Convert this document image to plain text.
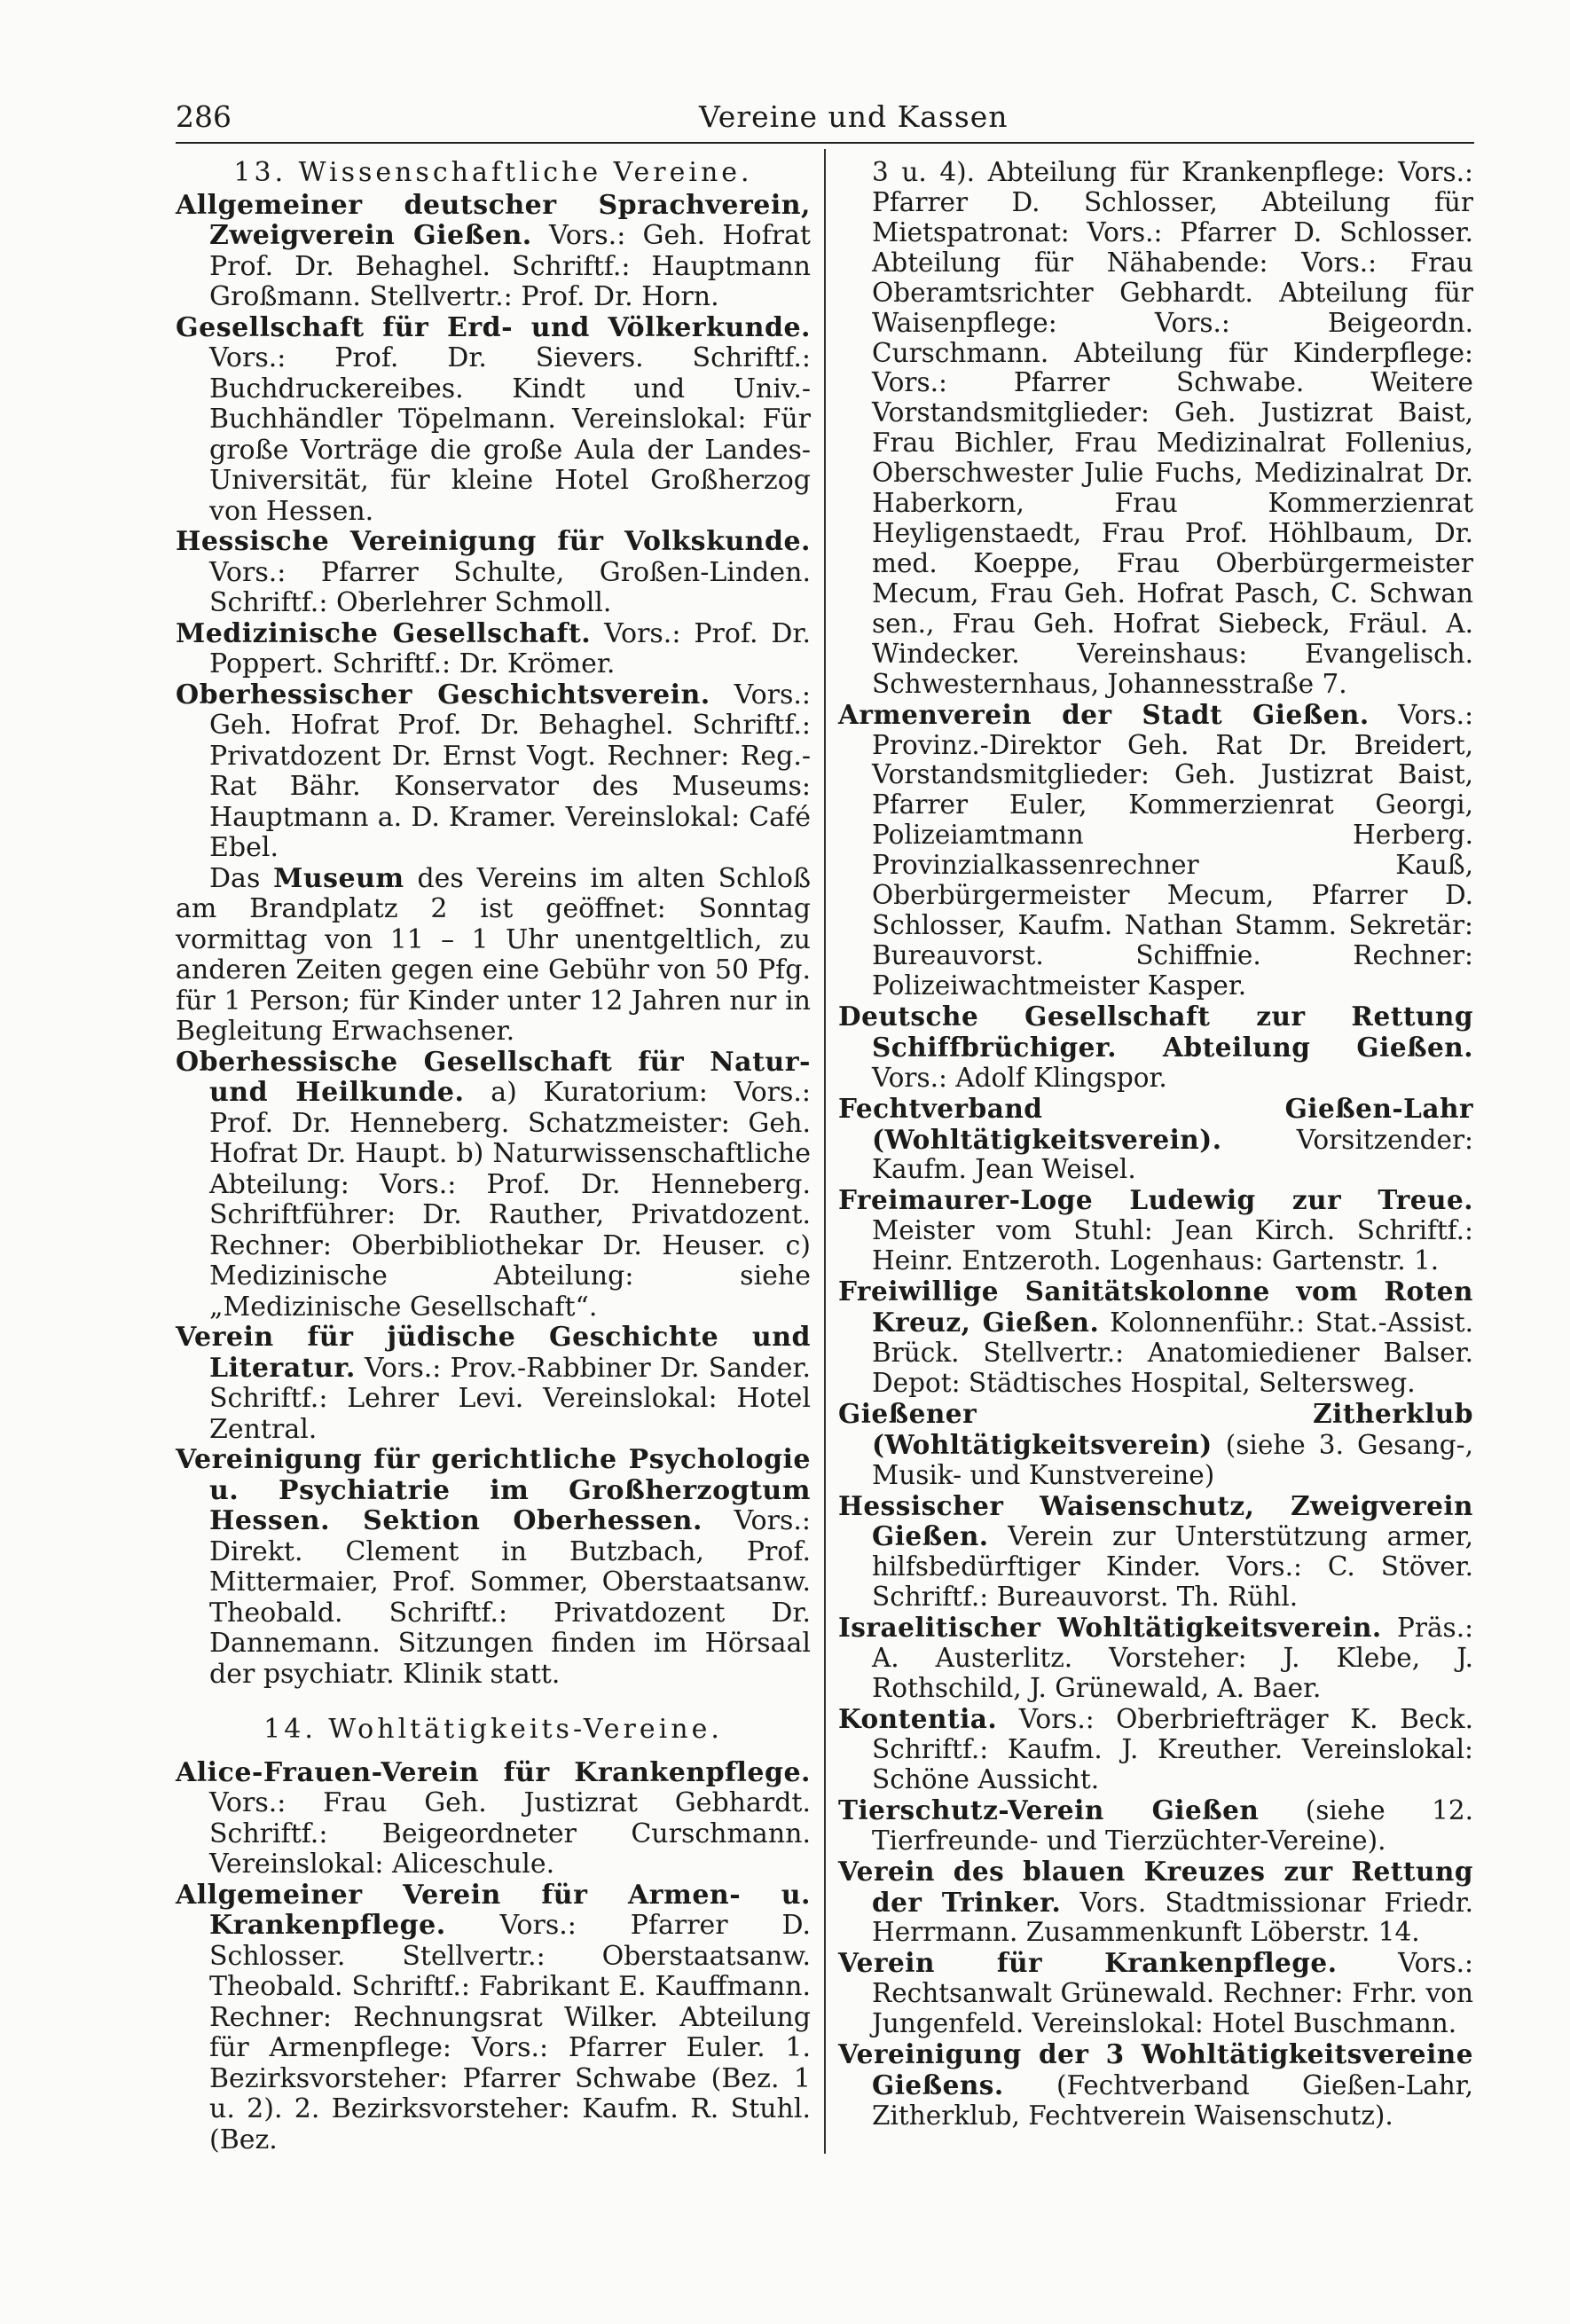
286	Vereine und Kassen
13. Wissenschaftliche Vereine.

Allgemeiner deutscher Sprachverein, Zweigverein Gießen. Vors.: Geh. Hofrat Prof. Dr. Behaghel. Schriftf.: Hauptmann Großmann. Stellvertr.: Prof. Dr. Horn.

Gesellschaft für Erd- und Völkerkunde. Vors.: Prof. Dr. Sievers. Schriftf.: Buchdruckereibes. Kindt und Univ.-Buchhändler Töpelmann. Vereinslokal: Für große Vorträge die große Aula der Landes-Universität, für kleine Hotel Großherzog von Hessen.

Hessische Vereinigung für Volkskunde. Vors.: Pfarrer Schulte, Großen-Linden. Schriftf.: Oberlehrer Schmoll.

Medizinische Gesellschaft. Vors.: Prof. Dr. Poppert. Schriftf.: Dr. Krömer.

Oberhessischer Geschichtsverein. Vors.: Geh. Hofrat Prof. Dr. Behaghel. Schriftf.: Privatdozent Dr. Ernst Vogt. Rechner: Reg.-Rat Bähr. Konservator des Museums: Hauptmann a. D. Kramer. Vereinslokal: Café Ebel.

Das Museum des Vereins im alten Schloß am Brandplatz 2 ist geöffnet: Sonntag vormittag von 11 – 1 Uhr unentgeltlich, zu anderen Zeiten gegen eine Gebühr von 50 Pfg. für 1 Person; für Kinder unter 12 Jahren nur in Begleitung Erwachsener.

Oberhessische Gesellschaft für Natur- und Heilkunde. a) Kuratorium: Vors.: Prof. Dr. Henneberg. Schatzmeister: Geh. Hofrat Dr. Haupt. b) Naturwissenschaftliche Abteilung: Vors.: Prof. Dr. Henneberg. Schriftführer: Dr. Rauther, Privatdozent. Rechner: Oberbibliothekar Dr. Heuser. c) Medizinische Abteilung: siehe „Medizinische Gesellschaft“.

Verein für jüdische Geschichte und Literatur. Vors.: Prov.-Rabbiner Dr. Sander. Schriftf.: Lehrer Levi. Vereinslokal: Hotel Zentral.

Vereinigung für gerichtliche Psychologie u. Psychiatrie im Großherzogtum Hessen. Sektion Oberhessen. Vors.: Direkt. Clement in Butzbach, Prof. Mittermaier, Prof. Sommer, Oberstaatsanw. Theobald. Schriftf.: Privatdozent Dr. Dannemann. Sitzungen finden im Hörsaal der psychiatr. Klinik statt.

14. Wohltätigkeits-Vereine.

Alice-Frauen-Verein für Krankenpflege. Vors.: Frau Geh. Justizrat Gebhardt. Schriftf.: Beigeordneter Curschmann. Vereinslokal: Aliceschule.

Allgemeiner Verein für Armen- u. Krankenpflege. Vors.: Pfarrer D. Schlosser. Stellvertr.: Oberstaatsanw. Theobald. Schriftf.: Fabrikant E. Kauffmann. Rechner: Rechnungsrat Wilker. Abteilung für Armenpflege: Vors.: Pfarrer Euler. 1. Bezirksvorsteher: Pfarrer Schwabe (Bez. 1 u. 2). 2. Bezirksvorsteher: Kaufm. R. Stuhl. (Bez.

3 u. 4). Abteilung für Krankenpflege: Vors.: Pfarrer D. Schlosser, Abteilung für Mietspatronat: Vors.: Pfarrer D. Schlosser. Abteilung für Nähabende: Vors.: Frau Oberamtsrichter Gebhardt. Abteilung für Waisenpflege: Vors.: Beigeordn. Curschmann. Abteilung für Kinderpflege: Vors.: Pfarrer Schwabe. Weitere Vorstandsmitglieder: Geh. Justizrat Baist, Frau Bichler, Frau Medizinalrat Follenius, Oberschwester Julie Fuchs, Medizinalrat Dr. Haberkorn, Frau Kommerzienrat Heyligenstaedt, Frau Prof. Höhlbaum, Dr. med. Koeppe, Frau Oberbürgermeister Mecum, Frau Geh. Hofrat Pasch, C. Schwan sen., Frau Geh. Hofrat Siebeck, Fräul. A. Windecker. Vereinshaus: Evangelisch. Schwesternhaus, Johannesstraße 7.

Armenverein der Stadt Gießen. Vors.: Provinz.-Direktor Geh. Rat Dr. Breidert, Vorstandsmitglieder: Geh. Justizrat Baist, Pfarrer Euler, Kommerzienrat Georgi, Polizeiamtmann Herberg. Provinzialkassenrechner Kauß, Oberbürgermeister Mecum, Pfarrer D. Schlosser, Kaufm. Nathan Stamm. Sekretär: Bureauvorst. Schiffnie. Rechner: Polizeiwachtmeister Kasper.

Deutsche Gesellschaft zur Rettung Schiffbrüchiger. Abteilung Gießen. Vors.: Adolf Klingspor.

Fechtverband Gießen-Lahr (Wohltätigkeitsverein). Vorsitzender: Kaufm. Jean Weisel.

Freimaurer-Loge Ludewig zur Treue. Meister vom Stuhl: Jean Kirch. Schriftf.: Heinr. Entzeroth. Logenhaus: Gartenstr. 1.

Freiwillige Sanitätskolonne vom Roten Kreuz, Gießen. Kolonnenführ.: Stat.-Assist. Brück. Stellvertr.: Anatomiediener Balser. Depot: Städtisches Hospital, Seltersweg.

Gießener Zitherklub (Wohltätigkeitsverein) (siehe 3. Gesang-, Musik- und Kunstvereine)

Hessischer Waisenschutz, Zweigverein Gießen. Verein zur Unterstützung armer, hilfsbedürftiger Kinder. Vors.: C. Stöver. Schriftf.: Bureauvorst. Th. Rühl.

Israelitischer Wohltätigkeitsverein. Präs.: A. Austerlitz. Vorsteher: J. Klebe, J. Rothschild, J. Grünewald, A. Baer.

Kontentia. Vors.: Oberbriefträger K. Beck. Schriftf.: Kaufm. J. Kreuther. Vereinslokal: Schöne Aussicht.

Tierschutz-Verein Gießen (siehe 12. Tierfreunde- und Tierzüchter-Vereine).

Verein des blauen Kreuzes zur Rettung der Trinker. Vors. Stadtmissionar Friedr. Herrmann. Zusammenkunft Löberstr. 14.

Verein für Krankenpflege. Vors.: Rechtsanwalt Grünewald. Rechner: Frhr. von Jungenfeld. Vereinslokal: Hotel Buschmann.

Vereinigung der 3 Wohltätigkeitsvereine Gießens. (Fechtverband Gießen-Lahr, Zitherklub, Fechtverein Waisenschutz).
